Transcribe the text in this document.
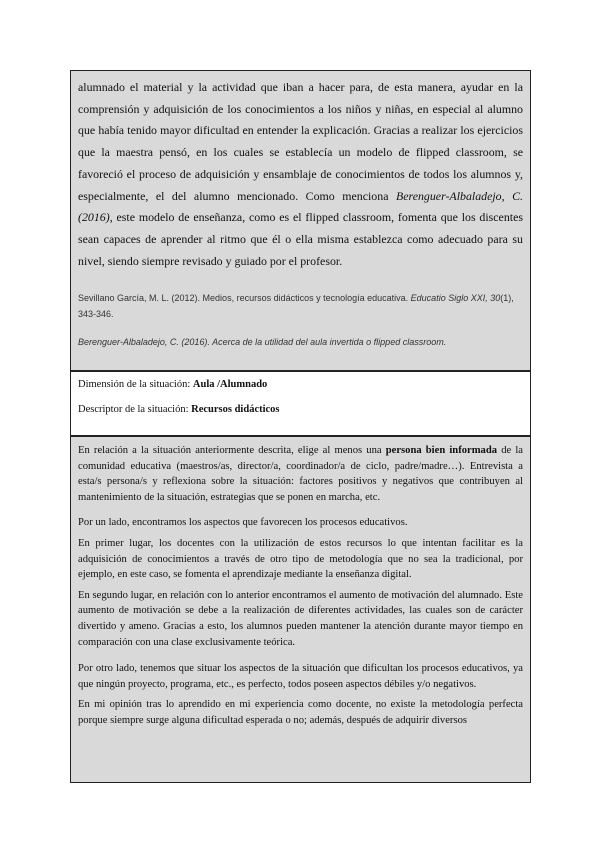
alumnado el material y la actividad que iban a hacer para, de esta manera, ayudar en la comprensión y adquisición de los conocimientos a los niños y niñas, en especial al alumno que había tenido mayor dificultad en entender la explicación. Gracias a realizar los ejercicios que la maestra pensó, en los cuales se establecía un modelo de flipped classroom, se favoreció el proceso de adquisición y ensamblaje de conocimientos de todos los alumnos y, especialmente, el del alumno mencionado. Como menciona Berenguer-Albaladejo, C. (2016), este modelo de enseñanza, como es el flipped classroom, fomenta que los discentes sean capaces de aprender al ritmo que él o ella misma establezca como adecuado para su nivel, siendo siempre revisado y guiado por el profesor.

Sevillano García, M. L. (2012). Medios, recursos didácticos y tecnología educativa. Educatio Siglo XXI, 30(1), 343-346.

Berenguer-Albaladejo, C. (2016). Acerca de la utilidad del aula invertida o flipped classroom.

Dimensión de la situación: Aula /Alumnado

Descriptor de la situación: Recursos didácticos

En relación a la situación anteriormente descrita, elige al menos una persona bien informada de la comunidad educativa (maestros/as, director/a, coordinador/a de ciclo, padre/madre…). Entrevista a esta/s persona/s y reflexiona sobre la situación: factores positivos y negativos que contribuyen al mantenimiento de la situación, estrategias que se ponen en marcha, etc.

Por un lado, encontramos los aspectos que favorecen los procesos educativos.

En primer lugar, los docentes con la utilización de estos recursos lo que intentan facilitar es la adquisición de conocimientos a través de otro tipo de metodología que no sea la tradicional, por ejemplo, en este caso, se fomenta el aprendizaje mediante la enseñanza digital.

En segundo lugar, en relación con lo anterior encontramos el aumento de motivación del alumnado. Este aumento de motivación se debe a la realización de diferentes actividades, las cuales son de carácter divertido y ameno. Gracias a esto, los alumnos pueden mantener la atención durante mayor tiempo en comparación con una clase exclusivamente teórica.

Por otro lado, tenemos que situar los aspectos de la situación que dificultan los procesos educativos, ya que ningún proyecto, programa, etc., es perfecto, todos poseen aspectos débiles y/o negativos.

En mi opinión tras lo aprendido en mi experiencia como docente, no existe la metodología perfecta porque siempre surge alguna dificultad esperada o no; además, después de adquirir diversos
